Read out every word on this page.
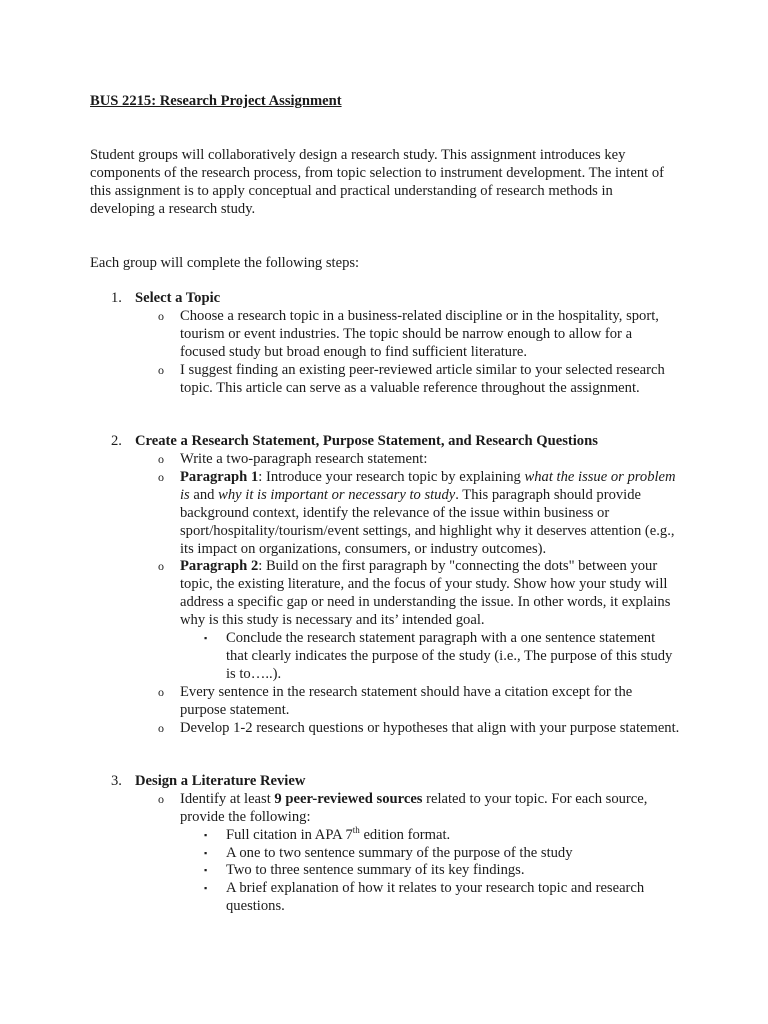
BUS 2215: Research Project Assignment

Student groups will collaboratively design a research study. This assignment introduces key components of the research process, from topic selection to instrument development. The intent of this assignment is to apply conceptual and practical understanding of research methods in developing a research study.

Each group will complete the following steps:

1. Select a Topic
o Choose a research topic in a business-related discipline or in the hospitality, sport, tourism or event industries. The topic should be narrow enough to allow for a focused study but broad enough to find sufficient literature.
o I suggest finding an existing peer-reviewed article similar to your selected research topic. This article can serve as a valuable reference throughout the assignment.
2. Create a Research Statement, Purpose Statement, and Research Questions
o Write a two-paragraph research statement:
o Paragraph 1: Introduce your research topic by explaining what the issue or problem is and why it is important or necessary to study. This paragraph should provide background context, identify the relevance of the issue within business or sport/hospitality/tourism/event settings, and highlight why it deserves attention (e.g., its impact on organizations, consumers, or industry outcomes).
o Paragraph 2: Build on the first paragraph by "connecting the dots" between your topic, the existing literature, and the focus of your study. Show how your study will address a specific gap or need in understanding the issue. In other words, it explains why is this study is necessary and its’ intended goal.
▪ Conclude the research statement paragraph with a one sentence statement that clearly indicates the purpose of the study (i.e., The purpose of this study is to…..).
o Every sentence in the research statement should have a citation except for the purpose statement.
o Develop 1-2 research questions or hypotheses that align with your purpose statement.
3. Design a Literature Review
o Identify at least 9 peer-reviewed sources related to your topic. For each source, provide the following:
▪ Full citation in APA 7th edition format.
▪ A one to two sentence summary of the purpose of the study
▪ Two to three sentence summary of its key findings.
▪ A brief explanation of how it relates to your research topic and research questions.
